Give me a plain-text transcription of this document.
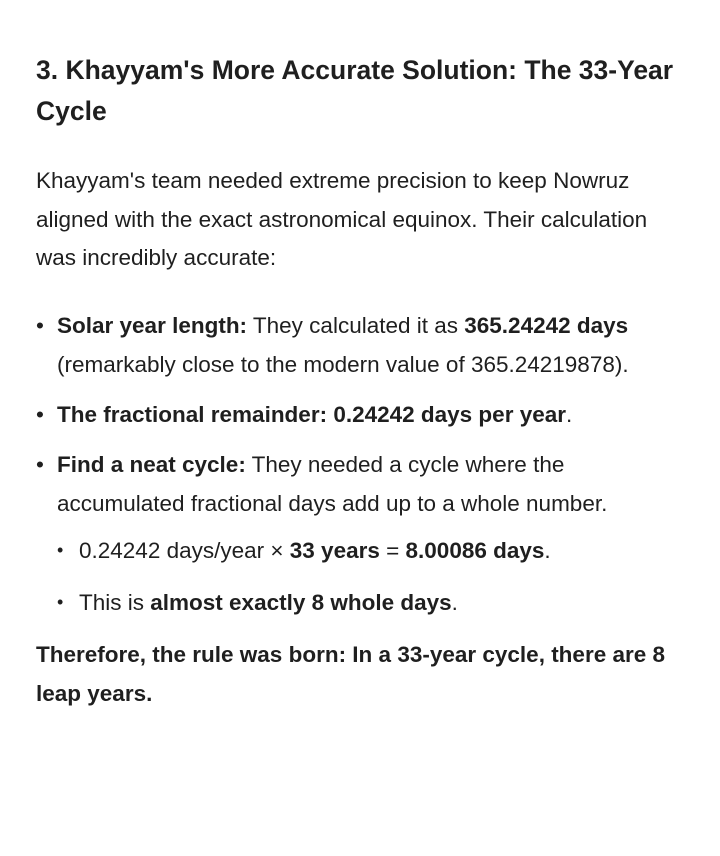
3. Khayyam's More Accurate Solution: The 33-Year Cycle

Khayyam's team needed extreme precision to keep Nowruz aligned with the exact astronomical equinox. Their calculation was incredibly accurate:

• Solar year length: They calculated it as 365.24242 days (remarkably close to the modern value of 365.24219878).
• The fractional remainder: 0.24242 days per year.
• Find a neat cycle: They needed a cycle where the accumulated fractional days add up to a whole number.
• 0.24242 days/year × 33 years = 8.00086 days.
• This is almost exactly 8 whole days.

Therefore, the rule was born: In a 33-year cycle, there are 8 leap years.
